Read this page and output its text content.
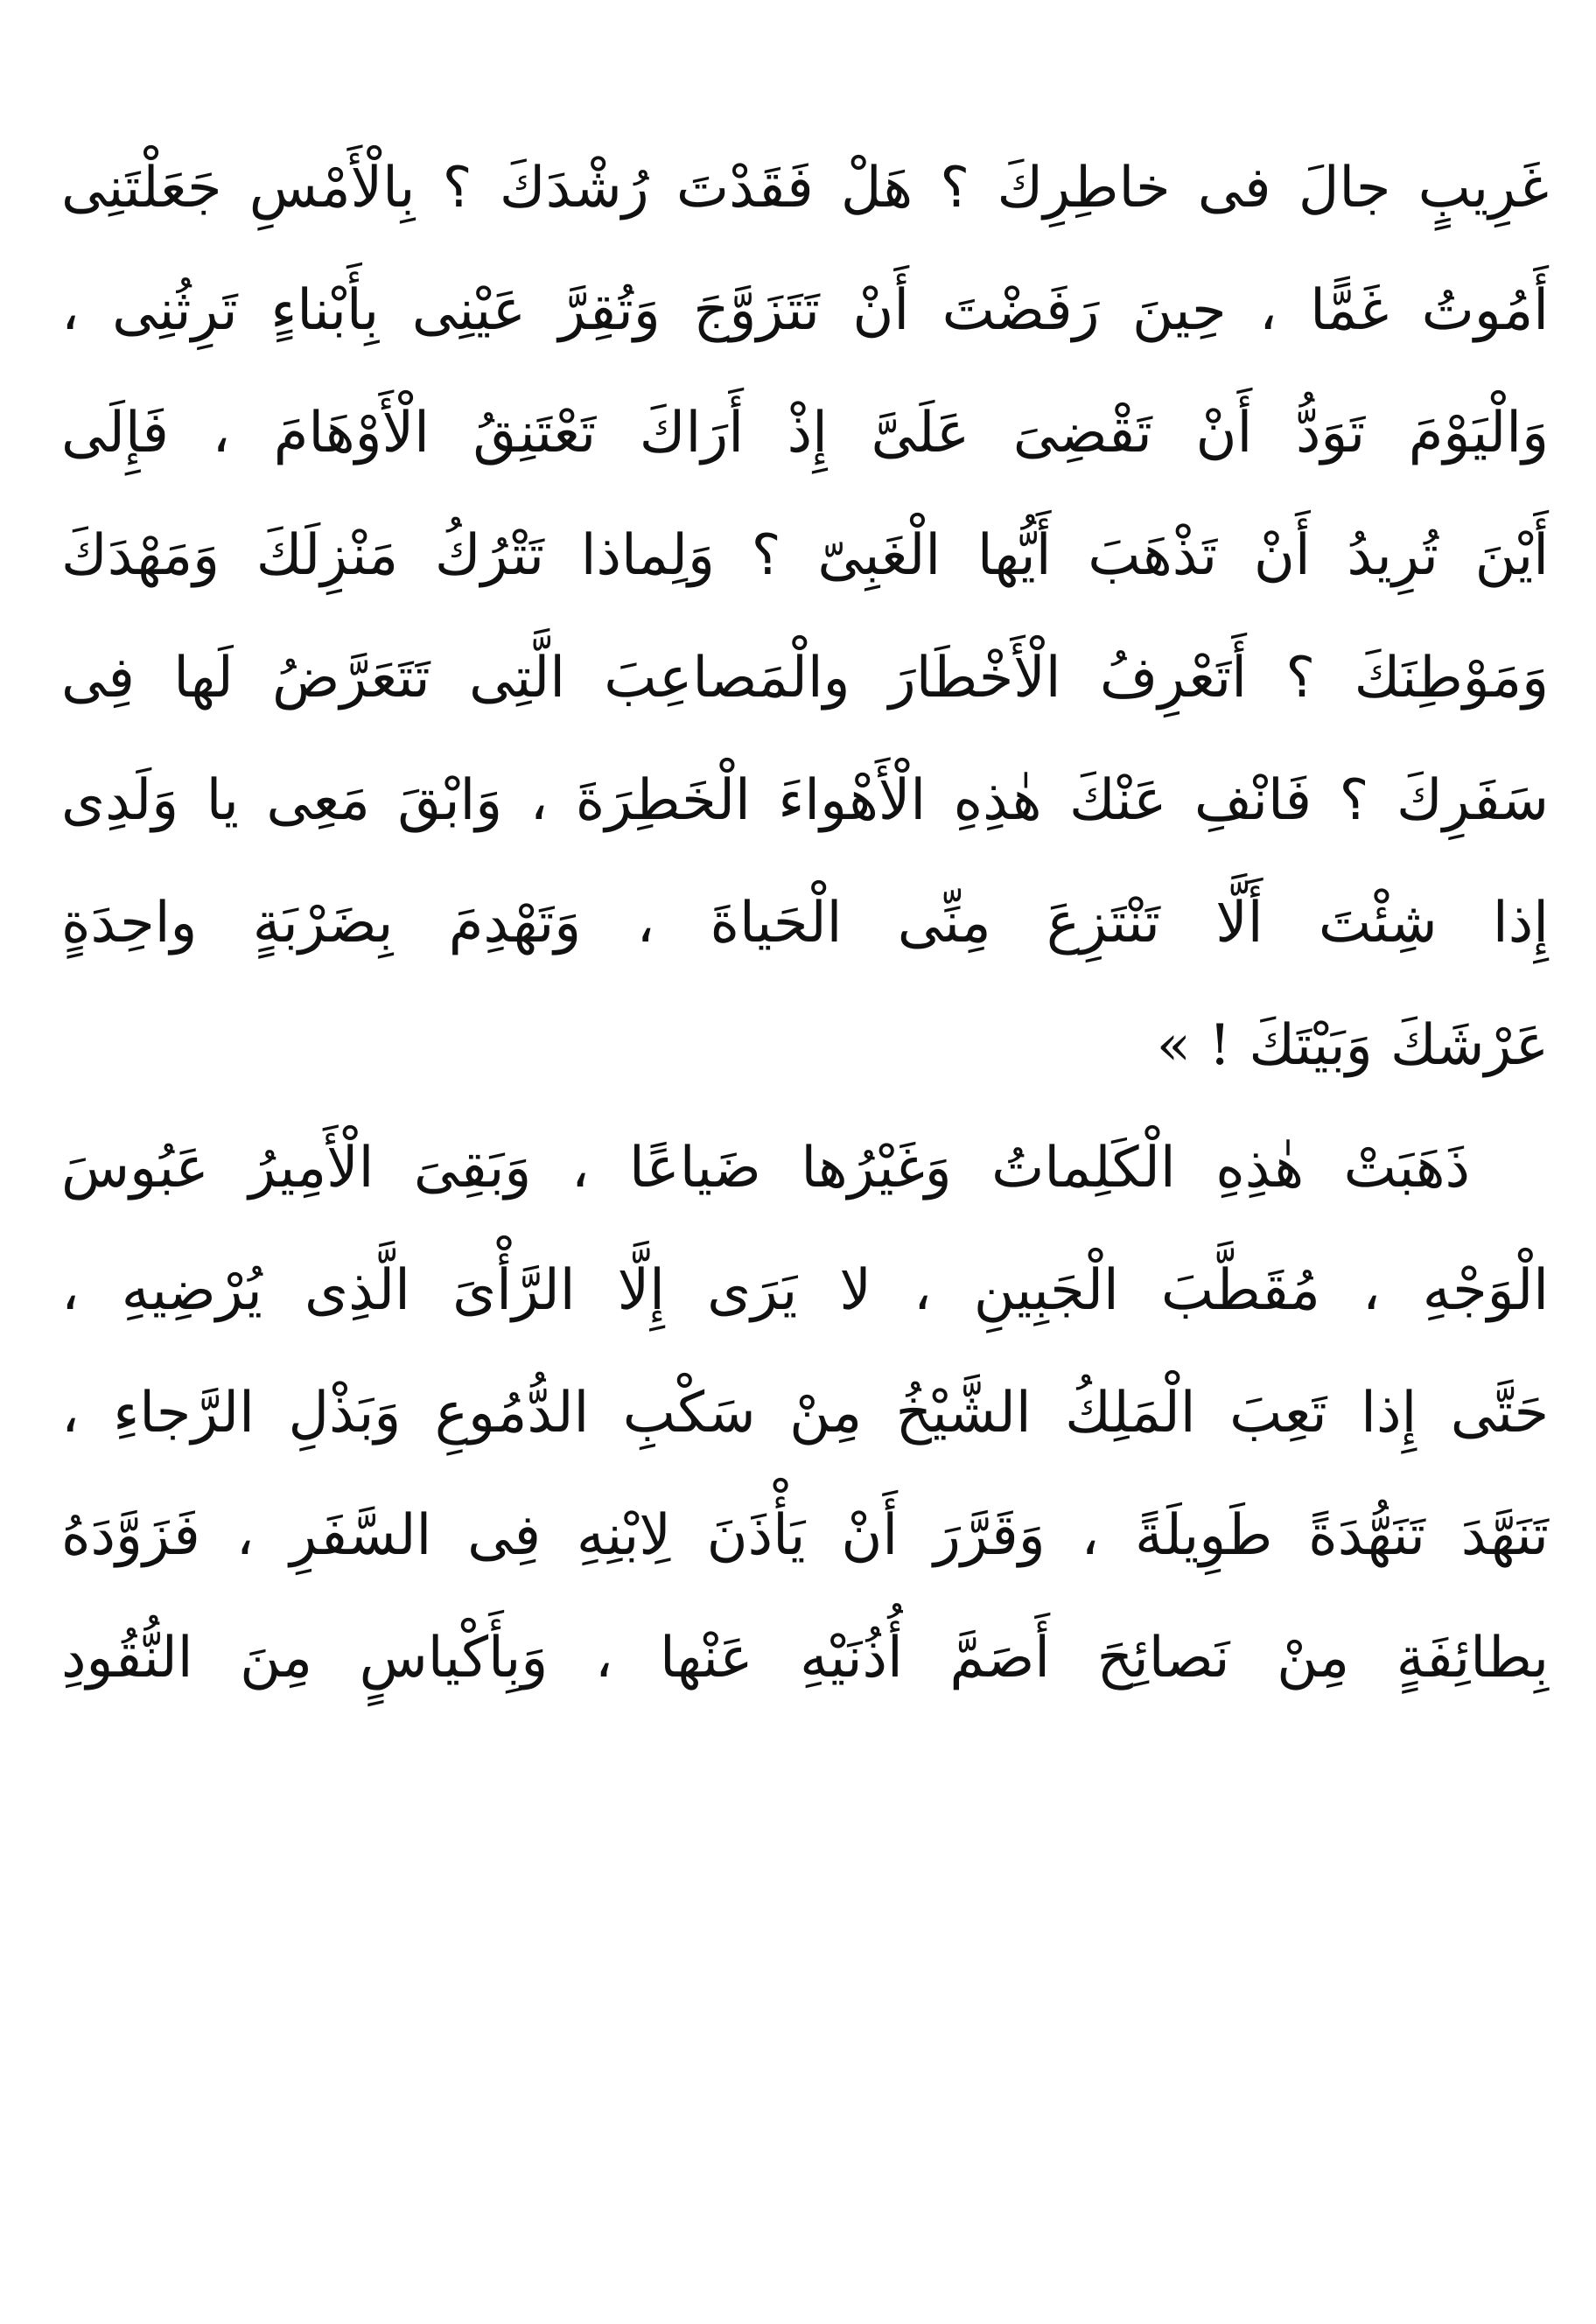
غَرِيبٍ جالَ فى خاطِرِكَ ؟ هَلْ فَقَدْتَ رُشْدَكَ ؟ بِالْأَمْسِ جَعَلْتَنِى
أَمُوتُ غَمًّا ، حِينَ رَفَضْتَ أَنْ تَتَزَوَّجَ وَتُقِرَّ عَيْنِى بِأَبْناءٍ تَرِثُنِى ،
وَالْيَوْمَ تَوَدُّ أَنْ تَقْضِىَ عَلَىَّ إِذْ أَرَاكَ تَعْتَنِقُ الْأَوْهَامَ ، فَإِلَى
أَيْنَ تُرِيدُ أَنْ تَذْهَبَ أَيُّها الْغَبِىّ ؟ وَلِماذا تَتْرُكُ مَنْزِلَكَ وَمَهْدَكَ
وَمَوْطِنَكَ ؟ أَتَعْرِفُ الْأَخْطَارَ والْمَصاعِبَ الَّتِى تَتَعَرَّضُ لَها فِى
سَفَرِكَ ؟ فَانْفِ عَنْكَ هٰذِهِ الْأَهْواءَ الْخَطِرَةَ ، وَابْقَ مَعِى يا وَلَدِى
إِذا شِئْتَ أَلَّا تَنْتَزِعَ مِنِّى الْحَياةَ ، وَتَهْدِمَ بِضَرْبَةٍ واحِدَةٍ
عَرْشَكَ وَبَيْتَكَ ! »
ذَهَبَتْ هٰذِهِ الْكَلِماتُ وَغَيْرُها ضَياعًا ، وَبَقِىَ الْأَمِيرُ عَبُوسَ
الْوَجْهِ ، مُقَطَّبَ الْجَبِينِ ، لا يَرَى إِلَّا الرَّأْىَ الَّذِى يُرْضِيهِ ،
حَتَّى إِذا تَعِبَ الْمَلِكُ الشَّيْخُ مِنْ سَكْبِ الدُّمُوعِ وَبَذْلِ الرَّجاءِ ،
تَنَهَّدَ تَنَهُّدَةً طَوِيلَةً ، وَقَرَّرَ أَنْ يَأْذَنَ لِابْنِهِ فِى السَّفَرِ ، فَزَوَّدَهُ
بِطائِفَةٍ مِنْ نَصائِحَ أَصَمَّ أُذُنَيْهِ عَنْها ، وَبِأَكْياسٍ مِنَ النُّقُودِ
